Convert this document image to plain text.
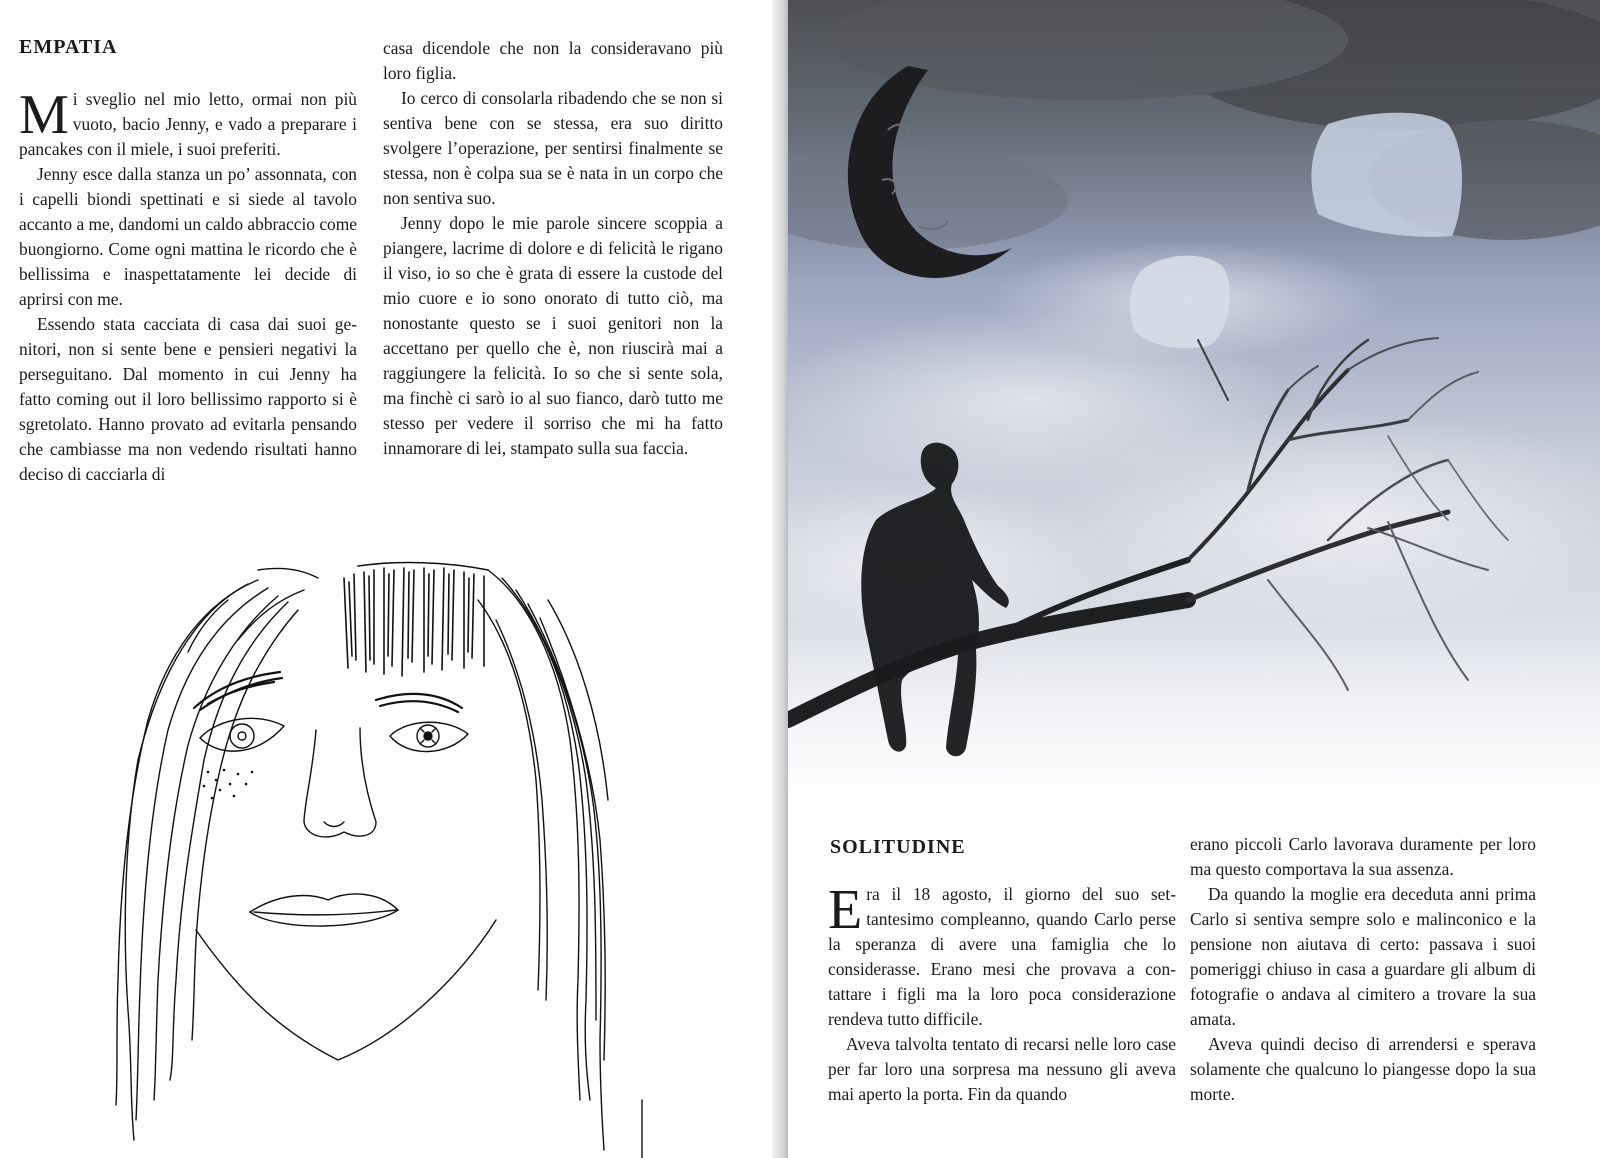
EMPATIA

Mi sveglio nel mio letto, ormai non più vuoto, bacio Jenny, e vado a preparare i pancakes con il miele, i suoi preferiti.

Jenny esce dalla stanza un po’ assonnata, con i capelli biondi spettinati e si siede al tavolo accanto a me, dandomi un caldo abbraccio come buongiorno. Come ogni mattina le ricordo che è bellissima e inaspettatamente lei decide di aprirsi con me.

Essendo stata cacciata di casa dai suoi genitori, non si sente bene e pensieri negativi la perseguitano. Dal momento in cui Jenny ha fatto coming out il loro bellissimo rapporto si è sgretolato. Hanno provato ad evitarla pensando che cambiasse ma non vedendo risultati hanno deciso di cacciarla di

casa dicendole che non la consideravano più loro figlia.

Io cerco di consolarla ribadendo che se non si sentiva bene con se stessa, era suo diritto svolgere l’operazione, per sentirsi finalmente se stessa, non è colpa sua se è nata in un corpo che non sentiva suo.

Jenny dopo le mie parole sincere scoppia a piangere, lacrime di dolore e di felicità le rigano il viso, io so che è grata di essere la custode del mio cuore e io sono onorato di tutto ciò, ma nonostante questo se i suoi genitori non la accettano per quello che è, non riuscirà mai a raggiungere la felicità. Io so che si sente sola, ma finchè ci sarò io al suo fianco, darò tutto me stesso per vedere il sorriso che mi ha fatto innamorare di lei, stampato sulla sua faccia.

SOLITUDINE

Era il 18 agosto, il giorno del suo settantesimo compleanno, quando Carlo perse la speranza di avere una famiglia che lo considerasse. Erano mesi che provava a contattare i figli ma la loro poca considerazione rendeva tutto difficile.

Aveva talvolta tentato di recarsi nelle loro case per far loro una sorpresa ma nessuno gli aveva mai aperto la porta. Fin da quando

erano piccoli Carlo lavorava duramente per loro ma questo comportava la sua assenza.

Da quando la moglie era deceduta anni prima Carlo si sentiva sempre solo e malinconico e la pensione non aiutava di certo: passava i suoi pomeriggi chiuso in casa a guardare gli album di fotografie o andava al cimitero a trovare la sua amata.

Aveva quindi deciso di arrendersi e sperava solamente che qualcuno lo piangesse dopo la sua morte.
